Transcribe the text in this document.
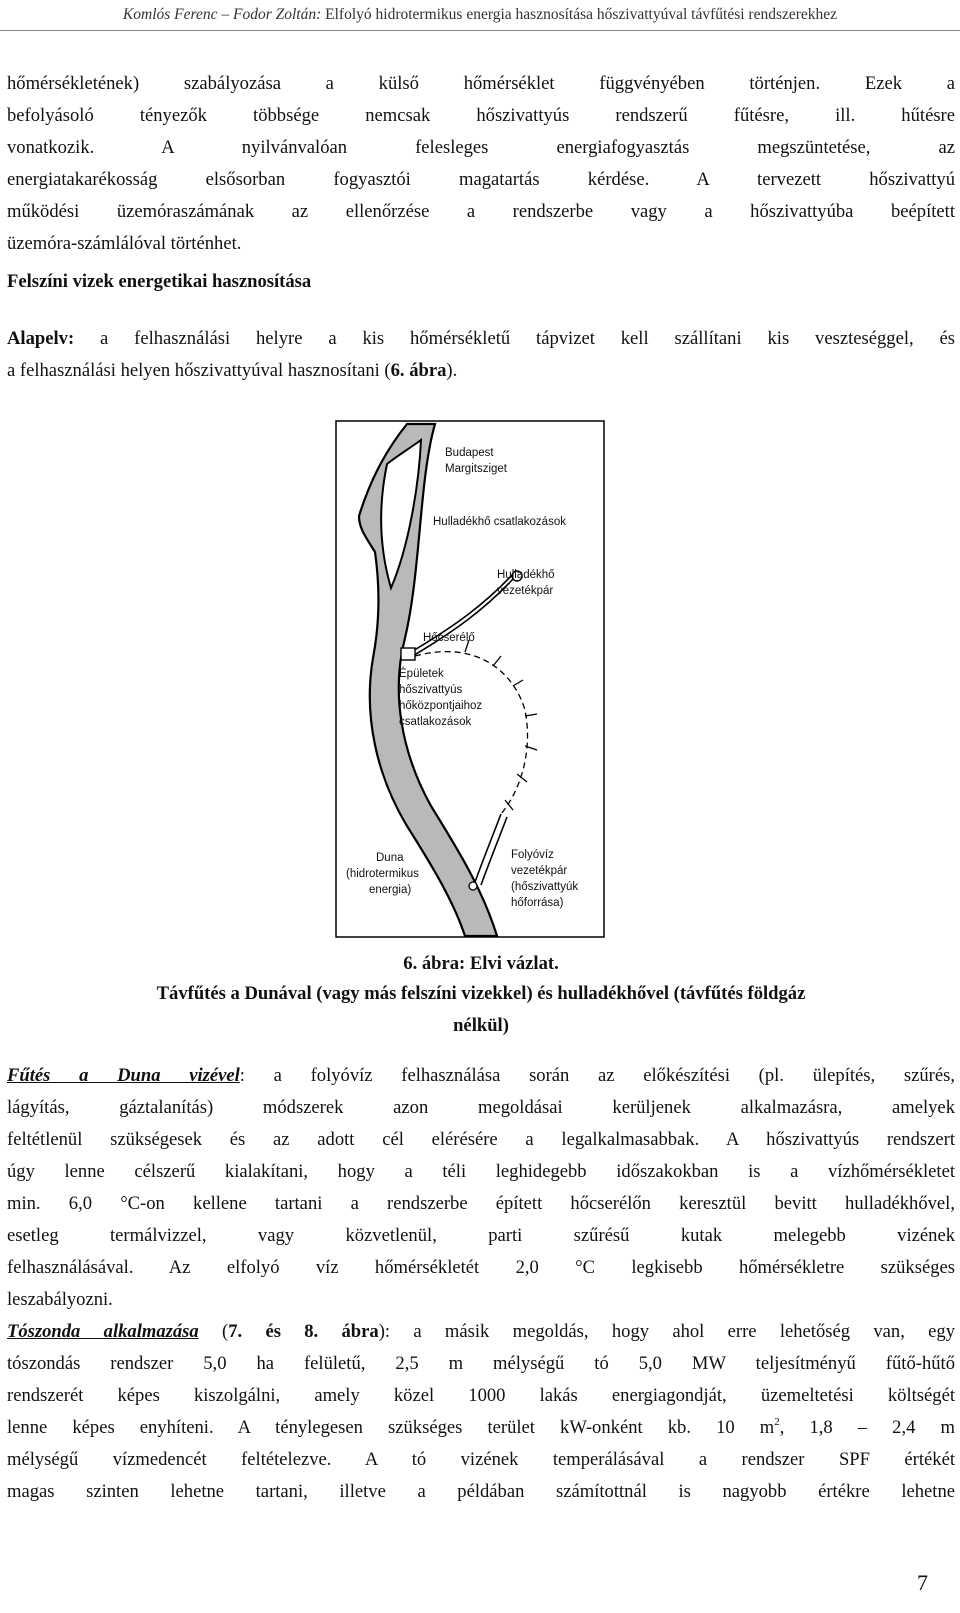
Komlós Ferenc – Fodor Zoltán:
Elfolyó hidrotermikus energia hasznosítása hőszivattyúval távfűtési rendszerekhez
hőmérsékletének) szabályozása a külső hőmérséklet függvényében történjen. Ezek a
befolyásoló tényezők többsége nemcsak hőszivattyús rendszerű fűtésre, ill. hűtésre
vonatkozik. A nyilvánvalóan felesleges energiafogyasztás megszüntetése, az
energiatakarékosság elsősorban fogyasztói magatartás kérdése. A tervezett hőszivattyú
működési üzemóraszámának az ellenőrzése a rendszerbe vagy a hőszivattyúba beépített
üzemóra-számlálóval történhet.
Felszíni vizek energetikai hasznosítása
Alapelv: a felhasználási helyre a kis hőmérsékletű tápvizet kell szállítani kis veszteséggel, és
a felhasználási helyen hőszivattyúval hasznosítani (6. ábra).
Budapest
Margitsziget
Hulladékhő csatlakozások
Hulladékhő
vezetékpár
Hőcserélő
Épületek
hőszivattyús
hőközpontjaihoz
csatlakozások
Duna
(hidrotermikus
energia)
Folyóvíz
vezetékpár
(hőszivattyúk
hőforrása)
6. ábra: Elvi vázlat.
Távfűtés a Dunával (vagy más felszíni vizekkel) és hulladékhővel (távfűtés földgáz
nélkül)
Fűtés a Duna vizével: a folyóvíz felhasználása során az előkészítési (pl. ülepítés, szűrés,
lágyítás, gáztalanítás) módszerek azon megoldásai kerüljenek alkalmazásra, amelyek
feltétlenül szükségesek és az adott cél elérésére a legalkalmasabbak. A hőszivattyús rendszert
úgy lenne célszerű kialakítani, hogy a téli leghidegebb időszakokban is a vízhőmérsékletet
min. 6,0 °C-on kellene tartani a rendszerbe épített hőcserélőn keresztül bevitt hulladékhővel,
esetleg termálvizzel, vagy közvetlenül, parti szűrésű kutak melegebb vizének
felhasználásával. Az elfolyó víz hőmérsékletét 2,0 °C legkisebb hőmérsékletre szükséges
leszabályozni.
Tószonda alkalmazása (7. és 8. ábra): a másik megoldás, hogy ahol erre lehetőség van, egy
tószondás rendszer 5,0 ha felületű, 2,5 m mélységű tó 5,0 MW teljesítményű fűtő-hűtő
rendszerét képes kiszolgálni, amely közel 1000 lakás energiagondját, üzemeltetési költségét
lenne képes enyhíteni. A ténylegesen szükséges terület kW-onként kb. 10 $m^2$, 1,8 – 2,4 m
mélységű vízmedencét feltételezve. A tó vizének temperálásával a rendszer SPF értékét
magas szinten lehetne tartani, illetve a példában számítottnál is nagyobb értékre lehetne
7
